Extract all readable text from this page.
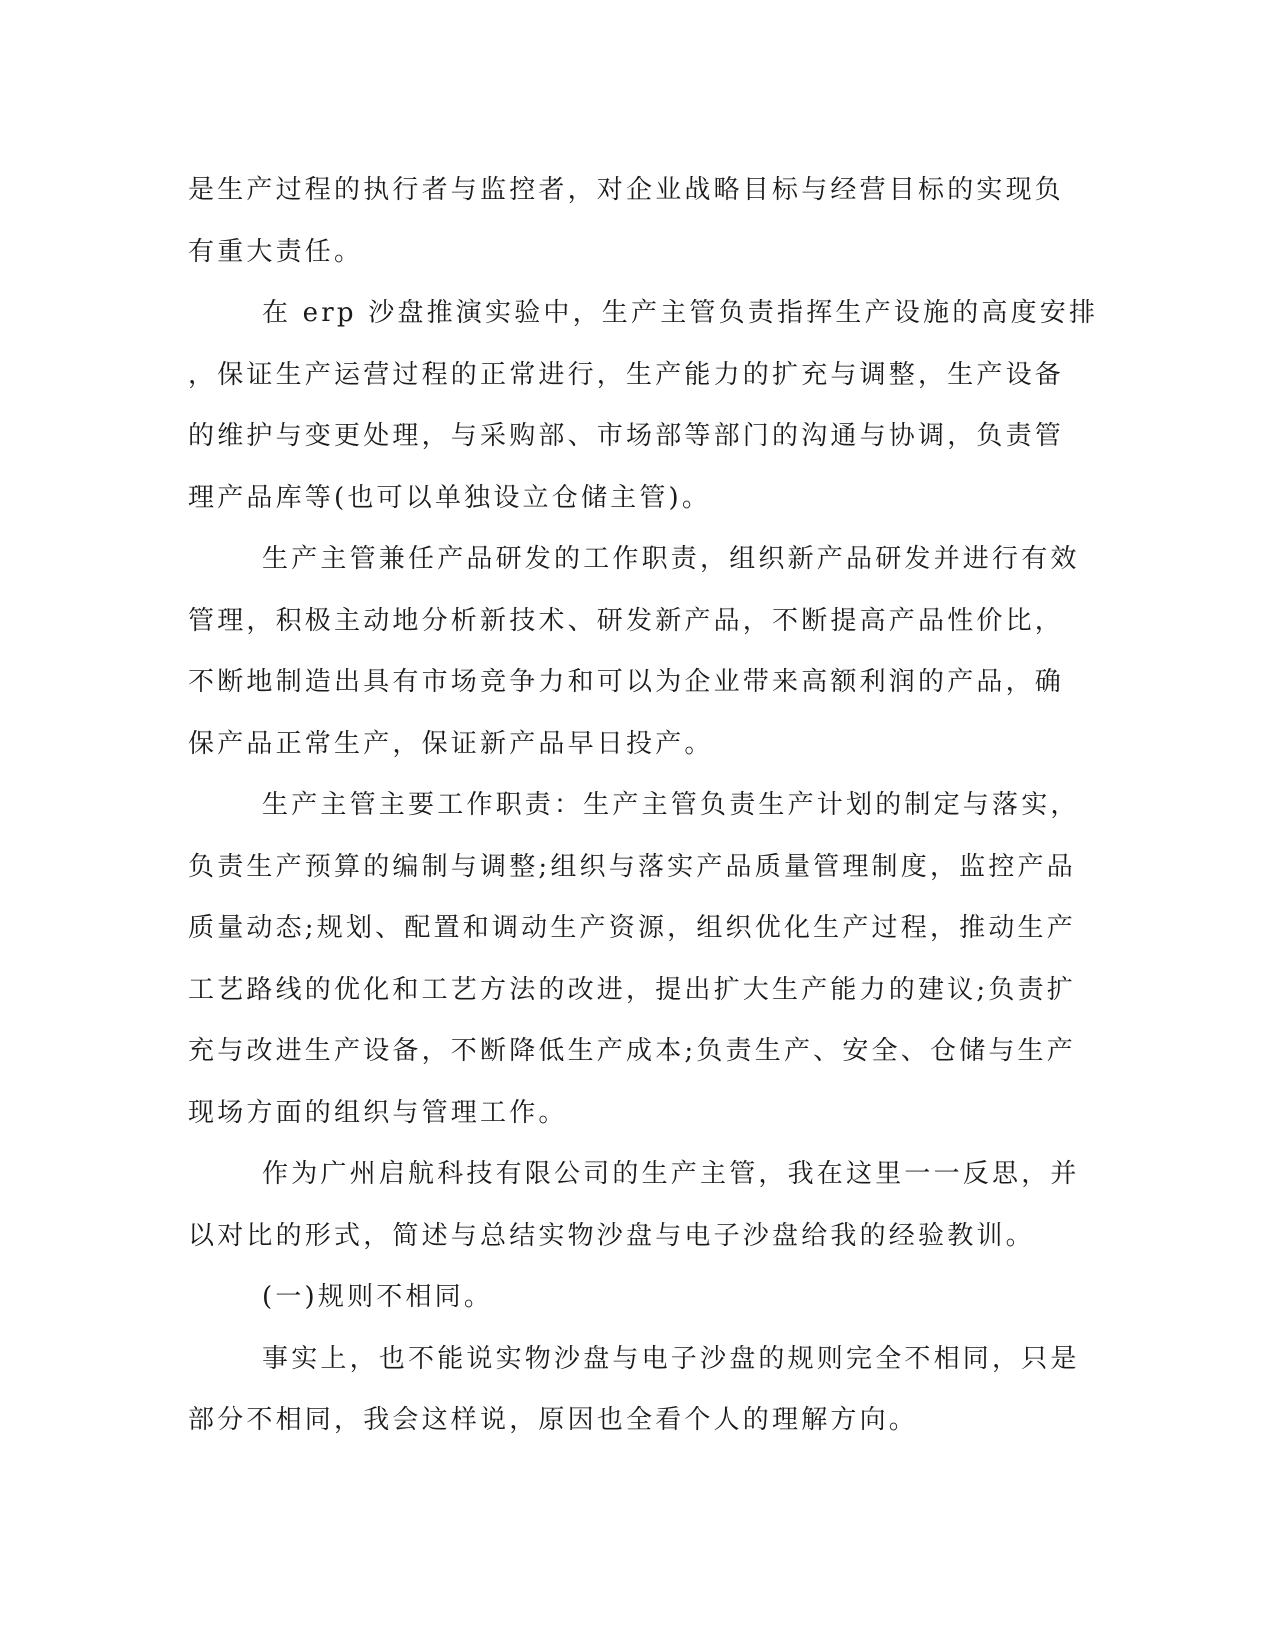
是生产过程的执行者与监控者，对企业战略目标与经营目标的实现负
有重大责任。
在 erp 沙盘推演实验中，生产主管负责指挥生产设施的高度安排
，保证生产运营过程的正常进行，生产能力的扩充与调整，生产设备
的维护与变更处理，与采购部、市场部等部门的沟通与协调，负责管
理产品库等(也可以单独设立仓储主管)。
生产主管兼任产品研发的工作职责，组织新产品研发并进行有效
管理，积极主动地分析新技术、研发新产品，不断提高产品性价比，
不断地制造出具有市场竞争力和可以为企业带来高额利润的产品，确
保产品正常生产，保证新产品早日投产。
生产主管主要工作职责：生产主管负责生产计划的制定与落实，
负责生产预算的编制与调整;组织与落实产品质量管理制度，监控产品
质量动态;规划、配置和调动生产资源，组织优化生产过程，推动生产
工艺路线的优化和工艺方法的改进，提出扩大生产能力的建议;负责扩
充与改进生产设备，不断降低生产成本;负责生产、安全、仓储与生产
现场方面的组织与管理工作。
作为广州启航科技有限公司的生产主管，我在这里一一反思，并
以对比的形式，简述与总结实物沙盘与电子沙盘给我的经验教训。
(一)规则不相同。
事实上，也不能说实物沙盘与电子沙盘的规则完全不相同，只是
部分不相同，我会这样说，原因也全看个人的理解方向。
